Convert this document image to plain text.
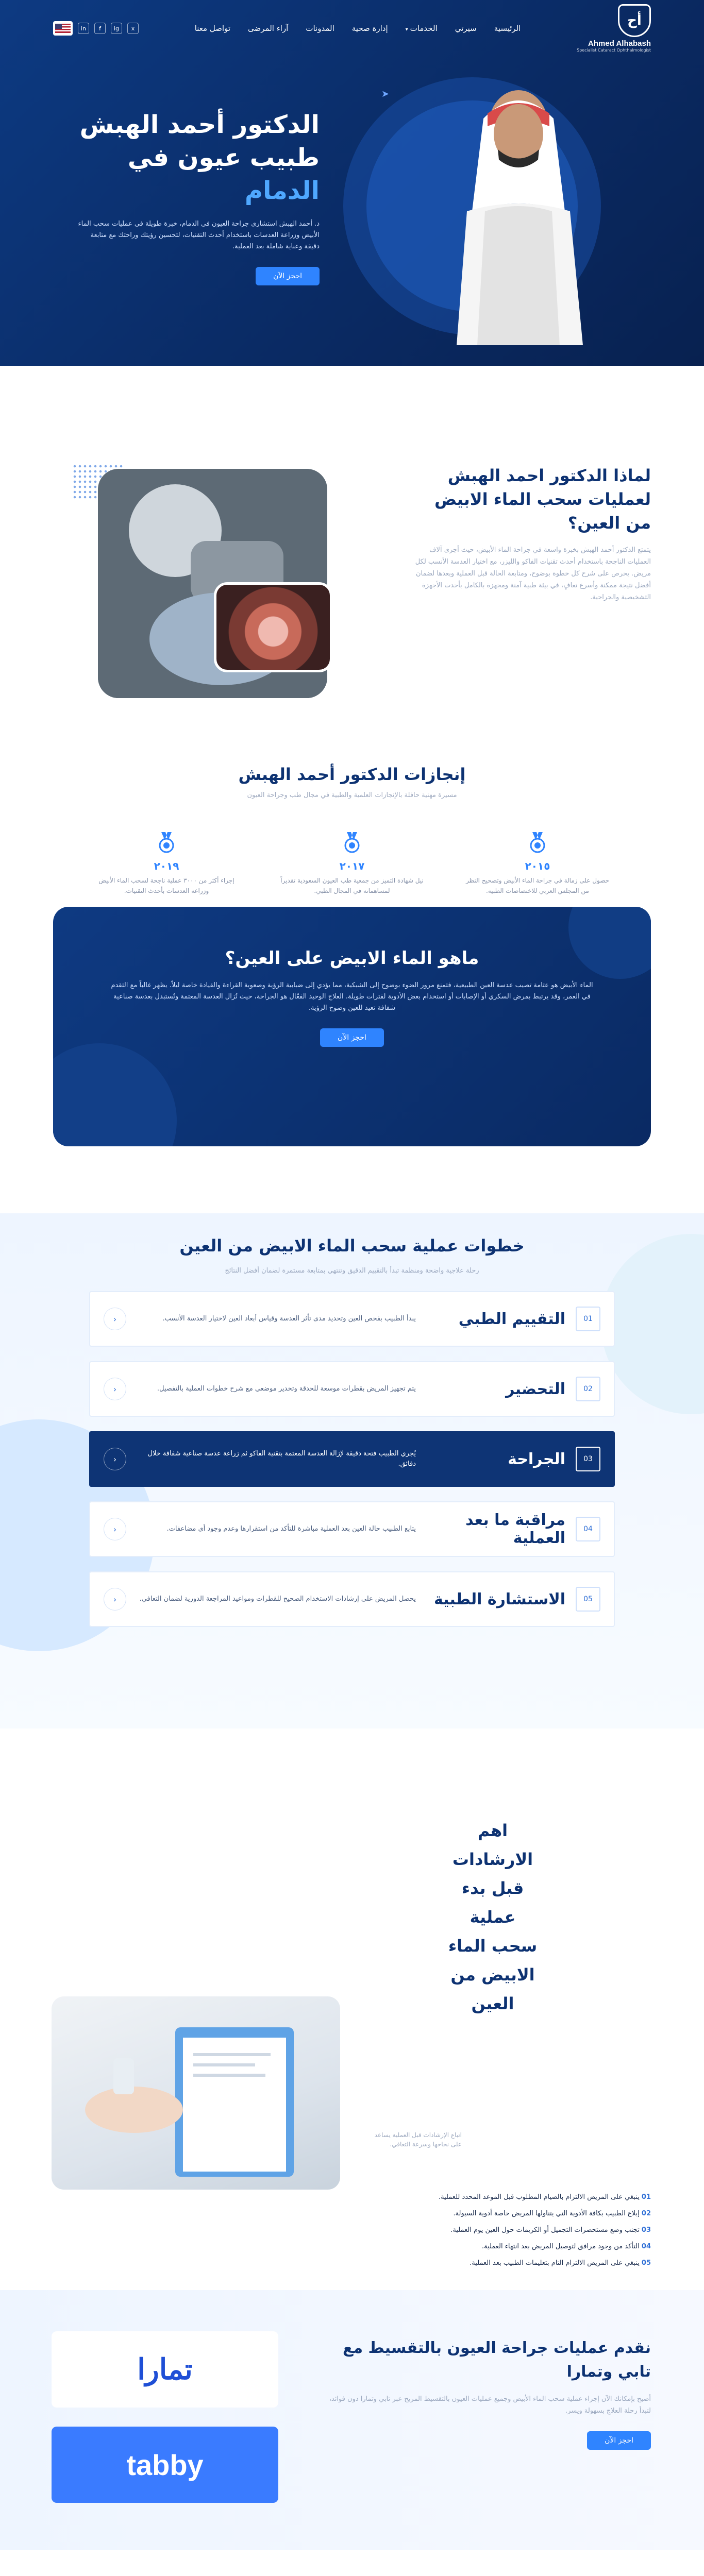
أح
Ahmed Alhabash
Specialist Cataract Ophthalmologist
الرئيسية
سيرتي
الخدمات▾
إدارة صحية
المدونات
آراء المرضى
تواصل معنا
in	f	ig	x
➤
الدكتور أحمد الهبش
طبيب عيون في الدمام

د. أحمد الهبش استشاري جراحة العيون في الدمام، خبرة طويلة في عمليات سحب الماء الأبيض وزراعة العدسات باستخدام أحدث التقنيات، لتحسين رؤيتك وراحتك مع متابعة دقيقة وعناية شاملة بعد العملية.

احجز الآن
لماذا الدكتور احمد الهبش لعمليات سحب الماء الابيض من العين؟

يتمتع الدكتور أحمد الهبش بخبرة واسعة في جراحة الماء الأبيض، حيث أجرى آلاف العمليات الناجحة باستخدام أحدث تقنيات الفاكو والليزر، مع اختيار العدسة الأنسب لكل مريض. يحرص على شرح كل خطوة بوضوح، ومتابعة الحالة قبل العملية وبعدها لضمان أفضل نتيجة ممكنة وأسرع تعافٍ، في بيئة طبية آمنة ومجهزة بالكامل بأحدث الأجهزة التشخيصية والجراحية.

إنجازات الدكتور أحمد الهبش

مسيرة مهنية حافلة بالإنجازات العلمية والطبية في مجال طب وجراحة العيون

٢٠١٥

حصول على زمالة في جراحة الماء الأبيض وتصحيح النظر من المجلس العربي للاختصاصات الطبية.

٢٠١٧

نيل شهادة التميز من جمعية طب العيون السعودية تقديراً لمساهماته في المجال الطبي.

٢٠١٩

إجراء أكثر من ٣٠٠٠ عملية ناجحة لسحب الماء الأبيض وزراعة العدسات بأحدث التقنيات.

ماهو الماء الابيض على العين؟

الماء الأبيض هو عتامة تصيب عدسة العين الطبيعية، فتمنع مرور الضوء بوضوح إلى الشبكية، مما يؤدي إلى ضبابية الرؤية وصعوبة القراءة والقيادة خاصة ليلاً. يظهر غالباً مع التقدم في العمر، وقد يرتبط بمرض السكري أو الإصابات أو استخدام بعض الأدوية لفترات طويلة. العلاج الوحيد الفعّال هو الجراحة، حيث تُزال العدسة المعتمة وتُستبدل بعدسة صناعية شفافة تعيد للعين وضوح الرؤية.

احجز الآن
خطوات عملية سحب الماء الابيض من العين

رحلة علاجية واضحة ومنظمة تبدأ بالتقييم الدقيق وتنتهي بمتابعة مستمرة لضمان أفضل النتائج

01
التقييم الطبي
يبدأ الطبيب بفحص العين وتحديد مدى تأثر العدسة وقياس أبعاد العين لاختيار العدسة الأنسب.
‹
02
التحضير
يتم تجهيز المريض بقطرات موسعة للحدقة وتخدير موضعي مع شرح خطوات العملية بالتفصيل.
‹
03
الجراحة
يُجري الطبيب فتحة دقيقة لإزالة العدسة المعتمة بتقنية الفاكو ثم زراعة عدسة صناعية شفافة خلال دقائق.
‹
04
مراقبة ما بعد العملية
يتابع الطبيب حالة العين بعد العملية مباشرة للتأكد من استقرارها وعدم وجود أي مضاعفات.
‹
05
الاستشارة الطبية
يحصل المريض على إرشادات الاستخدام الصحيح للقطرات ومواعيد المراجعة الدورية لضمان التعافي.
‹
اهم الارشادات قبل بدء عملية سحب الماء الابيض من العين

اتباع الإرشادات قبل العملية يساعد على نجاحها وسرعة التعافي.

01 ينبغي على المريض الالتزام بالصيام المطلوب قبل الموعد المحدد للعملية.
02 إبلاغ الطبيب بكافة الأدوية التي يتناولها المريض خاصة أدوية السيولة.
03 تجنب وضع مستحضرات التجميل أو الكريمات حول العين يوم العملية.
04 التأكد من وجود مرافق لتوصيل المريض بعد انتهاء العملية.
05 ينبغي على المريض الالتزام التام بتعليمات الطبيب بعد العملية.
نقدم عمليات جراحة العيون بالتقسيط مع تابي وتمارا

أصبح بإمكانك الآن إجراء عملية سحب الماء الأبيض وجميع عمليات العيون بالتقسيط المريح عبر تابي وتمارا دون فوائد، لتبدأ رحلة العلاج بسهولة ويسر.

احجز الآن
تمارا
tabby
